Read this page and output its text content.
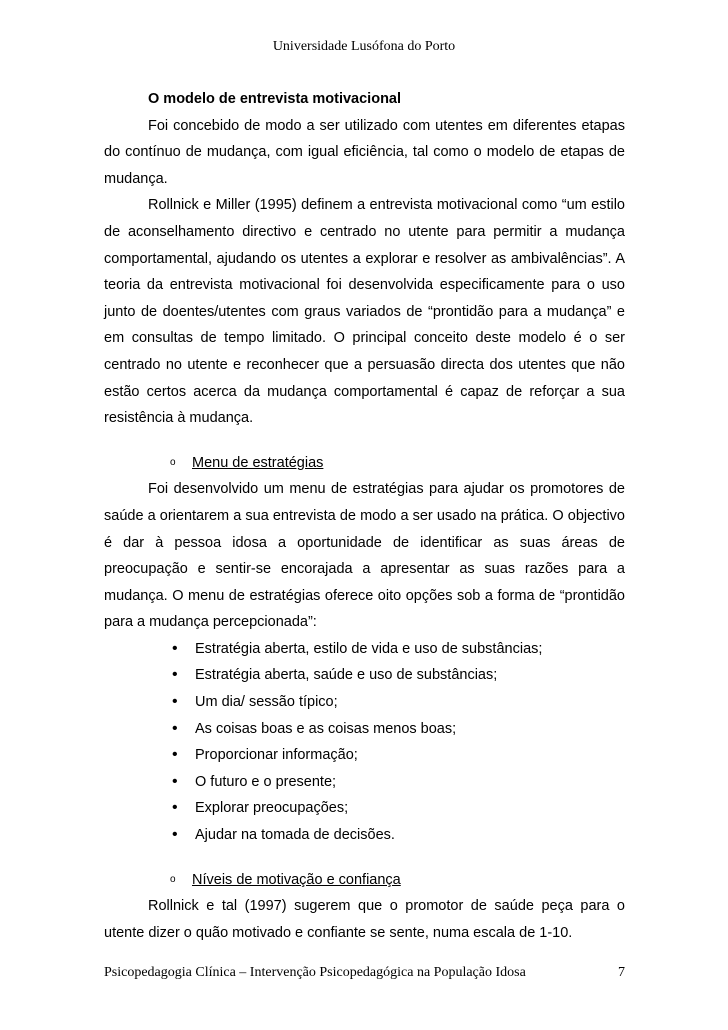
Universidade Lusófona do Porto

O modelo de entrevista motivacional

Foi concebido de modo a ser utilizado com utentes em diferentes etapas do contínuo de mudança, com igual eficiência, tal como o modelo de etapas de mudança.

Rollnick e Miller (1995) definem a entrevista motivacional como “um estilo de aconselhamento directivo e centrado no utente para permitir a mudança comportamental, ajudando os utentes a explorar e resolver as ambivalências”. A teoria da entrevista motivacional foi desenvolvida especificamente para o uso junto de doentes/utentes com graus variados de “prontidão para a mudança” e em consultas de tempo limitado. O principal conceito deste modelo é o ser centrado no utente e reconhecer que a persuasão directa dos utentes que não estão certos acerca da mudança comportamental é capaz de reforçar a sua resistência à mudança.

o Menu de estratégias

Foi desenvolvido um menu de estratégias para ajudar os promotores de saúde a orientarem a sua entrevista de modo a ser usado na prática. O objectivo é dar à pessoa idosa a oportunidade de identificar as suas áreas de preocupação e sentir-se encorajada a apresentar as suas razões para a mudança. O menu de estratégias oferece oito opções sob a forma de “prontidão para a mudança percepcionada”:

• Estratégia aberta, estilo de vida e uso de substâncias;
• Estratégia aberta, saúde e uso de substâncias;
• Um dia/ sessão típico;
• As coisas boas e as coisas menos boas;
• Proporcionar informação;
• O futuro e o presente;
• Explorar preocupações;
• Ajudar na tomada de decisões.
o Níveis de motivação e confiança

Rollnick e tal (1997) sugerem que o promotor de saúde peça para o utente dizer o quão motivado e confiante se sente, numa escala de 1-10.

Psicopedagogia Clínica – Intervenção Psicopedagógica na População Idosa	7
